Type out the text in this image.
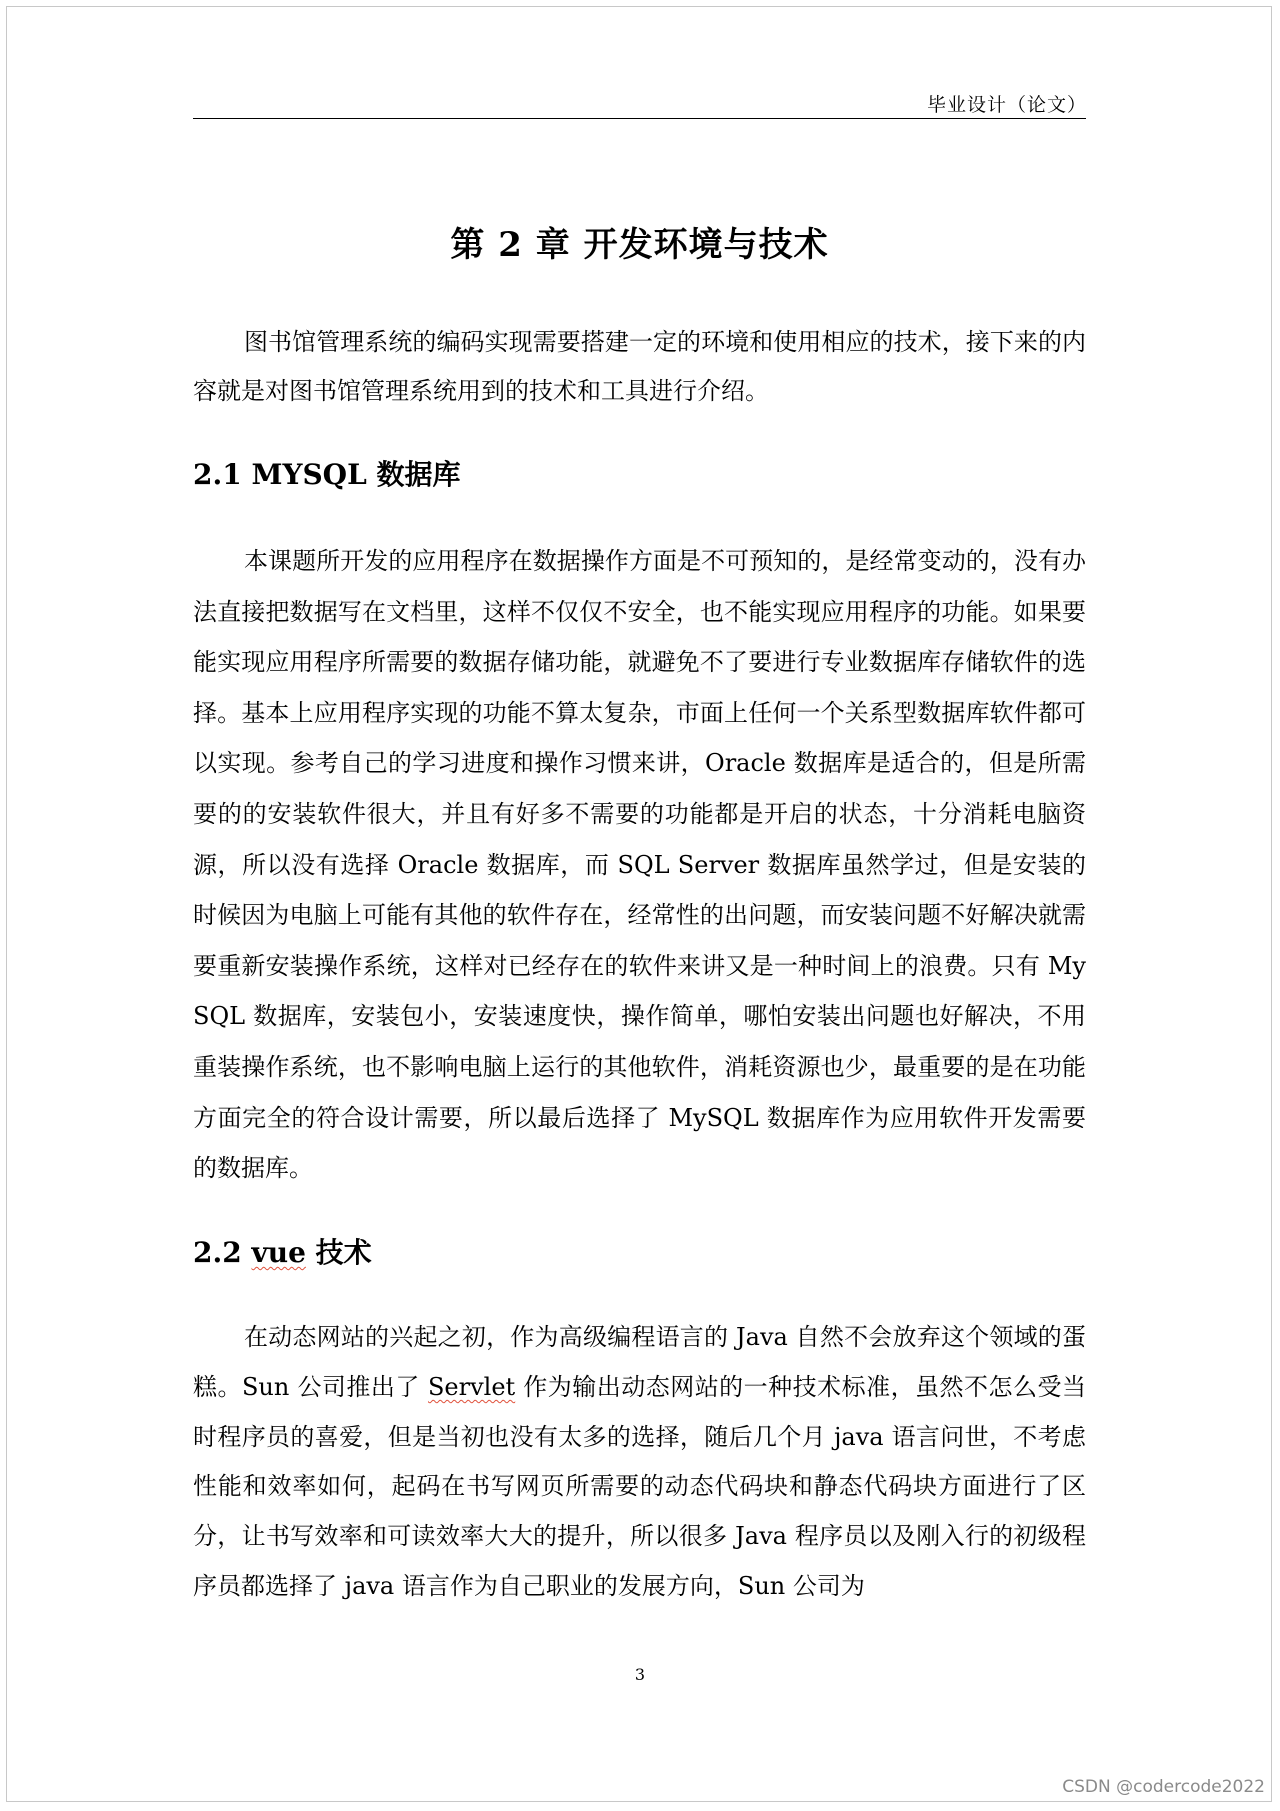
毕业设计（论文）
第 2 章 开发环境与技术

图书馆管理系统的编码实现需要搭建一定的环境和使用相应的技术，接下来的内容就是对图书馆管理系统用到的技术和工具进行介绍。

2.1 MYSQL 数据库

本课题所开发的应用程序在数据操作方面是不可预知的，是经常变动的，没有办法直接把数据写在文档里，这样不仅仅不安全，也不能实现应用程序的功能。如果要能实现应用程序所需要的数据存储功能，就避免不了要进行专业数据库存储软件的选择。基本上应用程序实现的功能不算太复杂，市面上任何一个关系型数据库软件都可以实现。参考自己的学习进度和操作习惯来讲，Oracle 数据库是适合的，但是所需要的的安装软件很大，并且有好多不需要的功能都是开启的状态，十分消耗电脑资源，所以没有选择 Oracle 数据库，而 SQL Server 数据库虽然学过，但是安装的时候因为电脑上可能有其他的软件存在，经常性的出问题，而安装问题不好解决就需要重新安装操作系统，这样对已经存在的软件来讲又是一种时间上的浪费。只有 MySQL 数据库，安装包小，安装速度快，操作简单，哪怕安装出问题也好解决，不用重装操作系统，也不影响电脑上运行的其他软件，消耗资源也少，最重要的是在功能方面完全的符合设计需要，所以最后选择了 MySQL 数据库作为应用软件开发需要的数据库。

2.2 vue 技术

在动态网站的兴起之初，作为高级编程语言的 Java 自然不会放弃这个领域的蛋糕。Sun 公司推出了 Servlet 作为输出动态网站的一种技术标准，虽然不怎么受当时程序员的喜爱，但是当初也没有太多的选择，随后几个月 java 语言问世，不考虑性能和效率如何，起码在书写网页所需要的动态代码块和静态代码块方面进行了区分，让书写效率和可读效率大大的提升，所以很多 Java 程序员以及刚入行的初级程序员都选择了 java 语言作为自己职业的发展方向，Sun 公司为

3
CSDN @codercode2022
